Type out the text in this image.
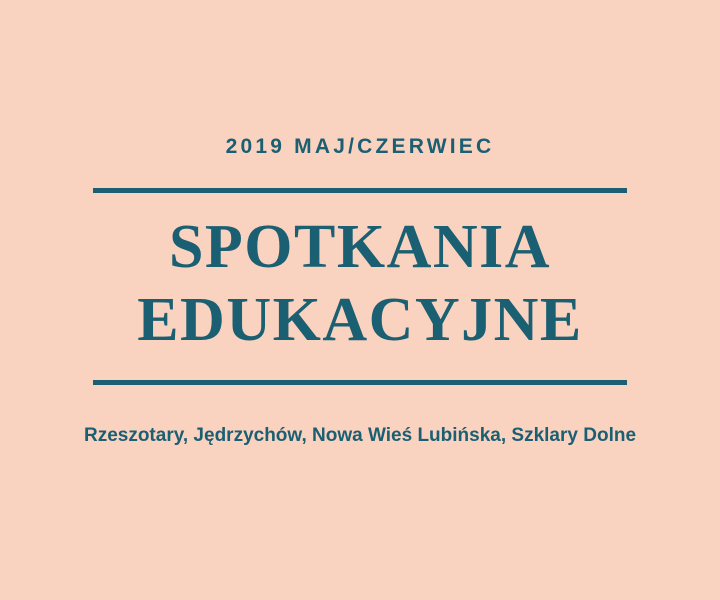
2019 MAJ/CZERWIEC
SPOTKANIA
EDUKACYJNE
Rzeszotary, Jędrzychów, Nowa Wieś Lubińska, Szklary Dolne
